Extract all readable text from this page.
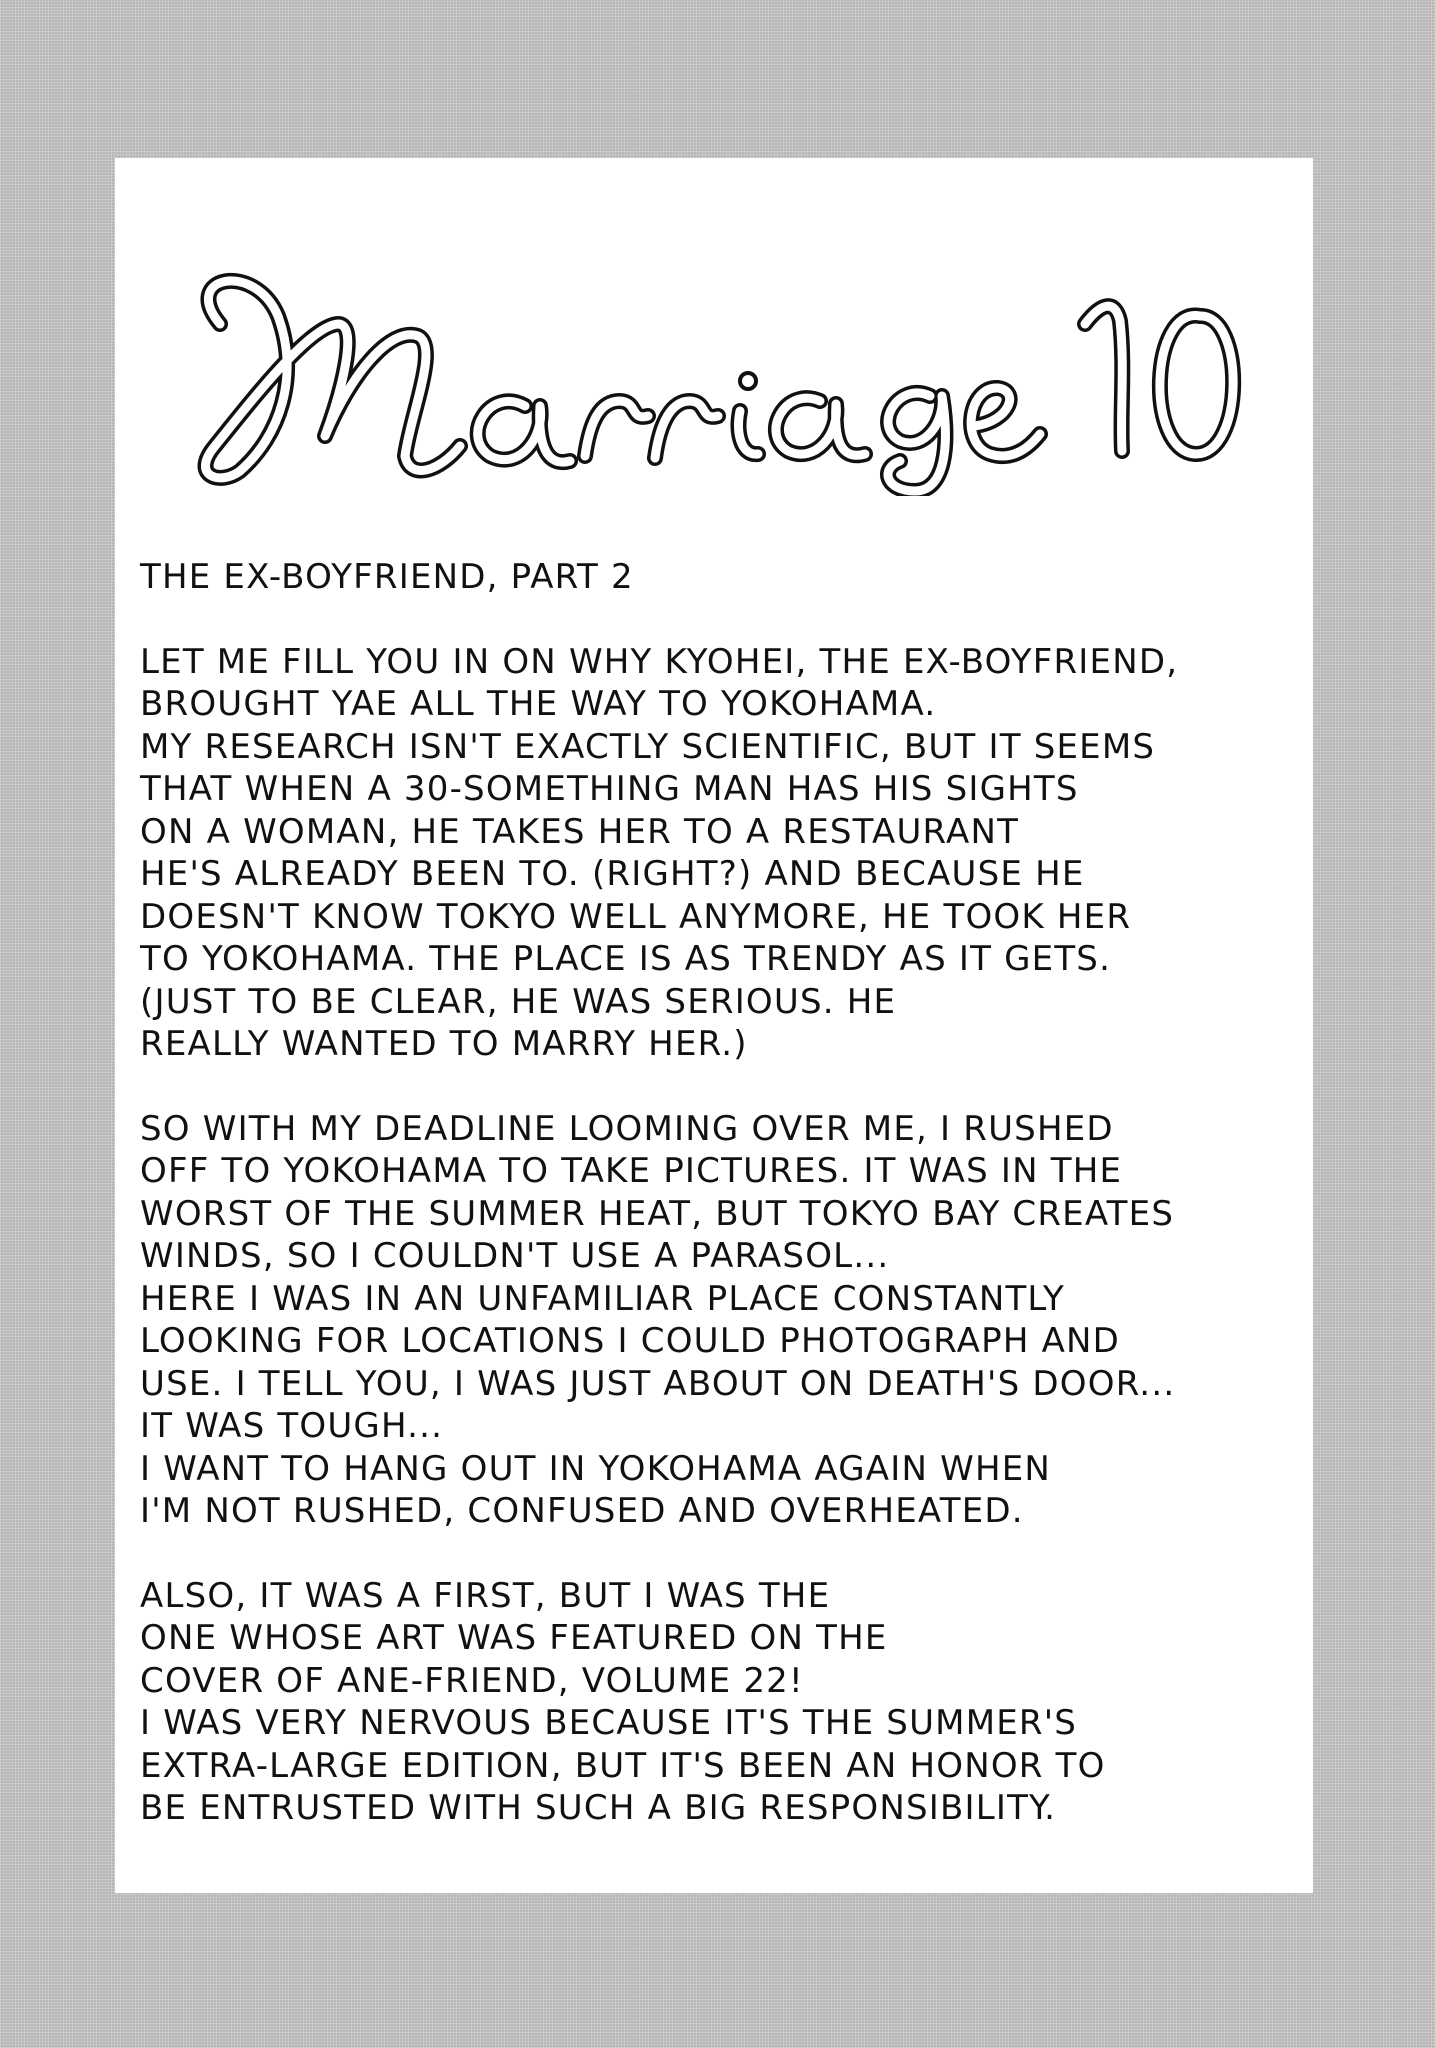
THE EX-BOYFRIEND, PART 2
LET ME FILL YOU IN ON WHY KYOHEI, THE EX-BOYFRIEND,
BROUGHT YAE ALL THE WAY TO YOKOHAMA.
MY RESEARCH ISN'T EXACTLY SCIENTIFIC, BUT IT SEEMS
THAT WHEN A 30-SOMETHING MAN HAS HIS SIGHTS
ON A WOMAN, HE TAKES HER TO A RESTAURANT
HE'S ALREADY BEEN TO. (RIGHT?) AND BECAUSE HE
DOESN'T KNOW TOKYO WELL ANYMORE, HE TOOK HER
TO YOKOHAMA. THE PLACE IS AS TRENDY AS IT GETS.
(JUST TO BE CLEAR, HE WAS SERIOUS. HE
REALLY WANTED TO MARRY HER.)
SO WITH MY DEADLINE LOOMING OVER ME, I RUSHED
OFF TO YOKOHAMA TO TAKE PICTURES. IT WAS IN THE
WORST OF THE SUMMER HEAT, BUT TOKYO BAY CREATES
WINDS, SO I COULDN'T USE A PARASOL...
HERE I WAS IN AN UNFAMILIAR PLACE CONSTANTLY
LOOKING FOR LOCATIONS I COULD PHOTOGRAPH AND
USE. I TELL YOU, I WAS JUST ABOUT ON DEATH'S DOOR...
IT WAS TOUGH...
I WANT TO HANG OUT IN YOKOHAMA AGAIN WHEN
I'M NOT RUSHED, CONFUSED AND OVERHEATED.
ALSO, IT WAS A FIRST, BUT I WAS THE
ONE WHOSE ART WAS FEATURED ON THE
COVER OF ANE-FRIEND, VOLUME 22!
I WAS VERY NERVOUS BECAUSE IT'S THE SUMMER'S
EXTRA-LARGE EDITION, BUT IT'S BEEN AN HONOR TO
BE ENTRUSTED WITH SUCH A BIG RESPONSIBILITY.
